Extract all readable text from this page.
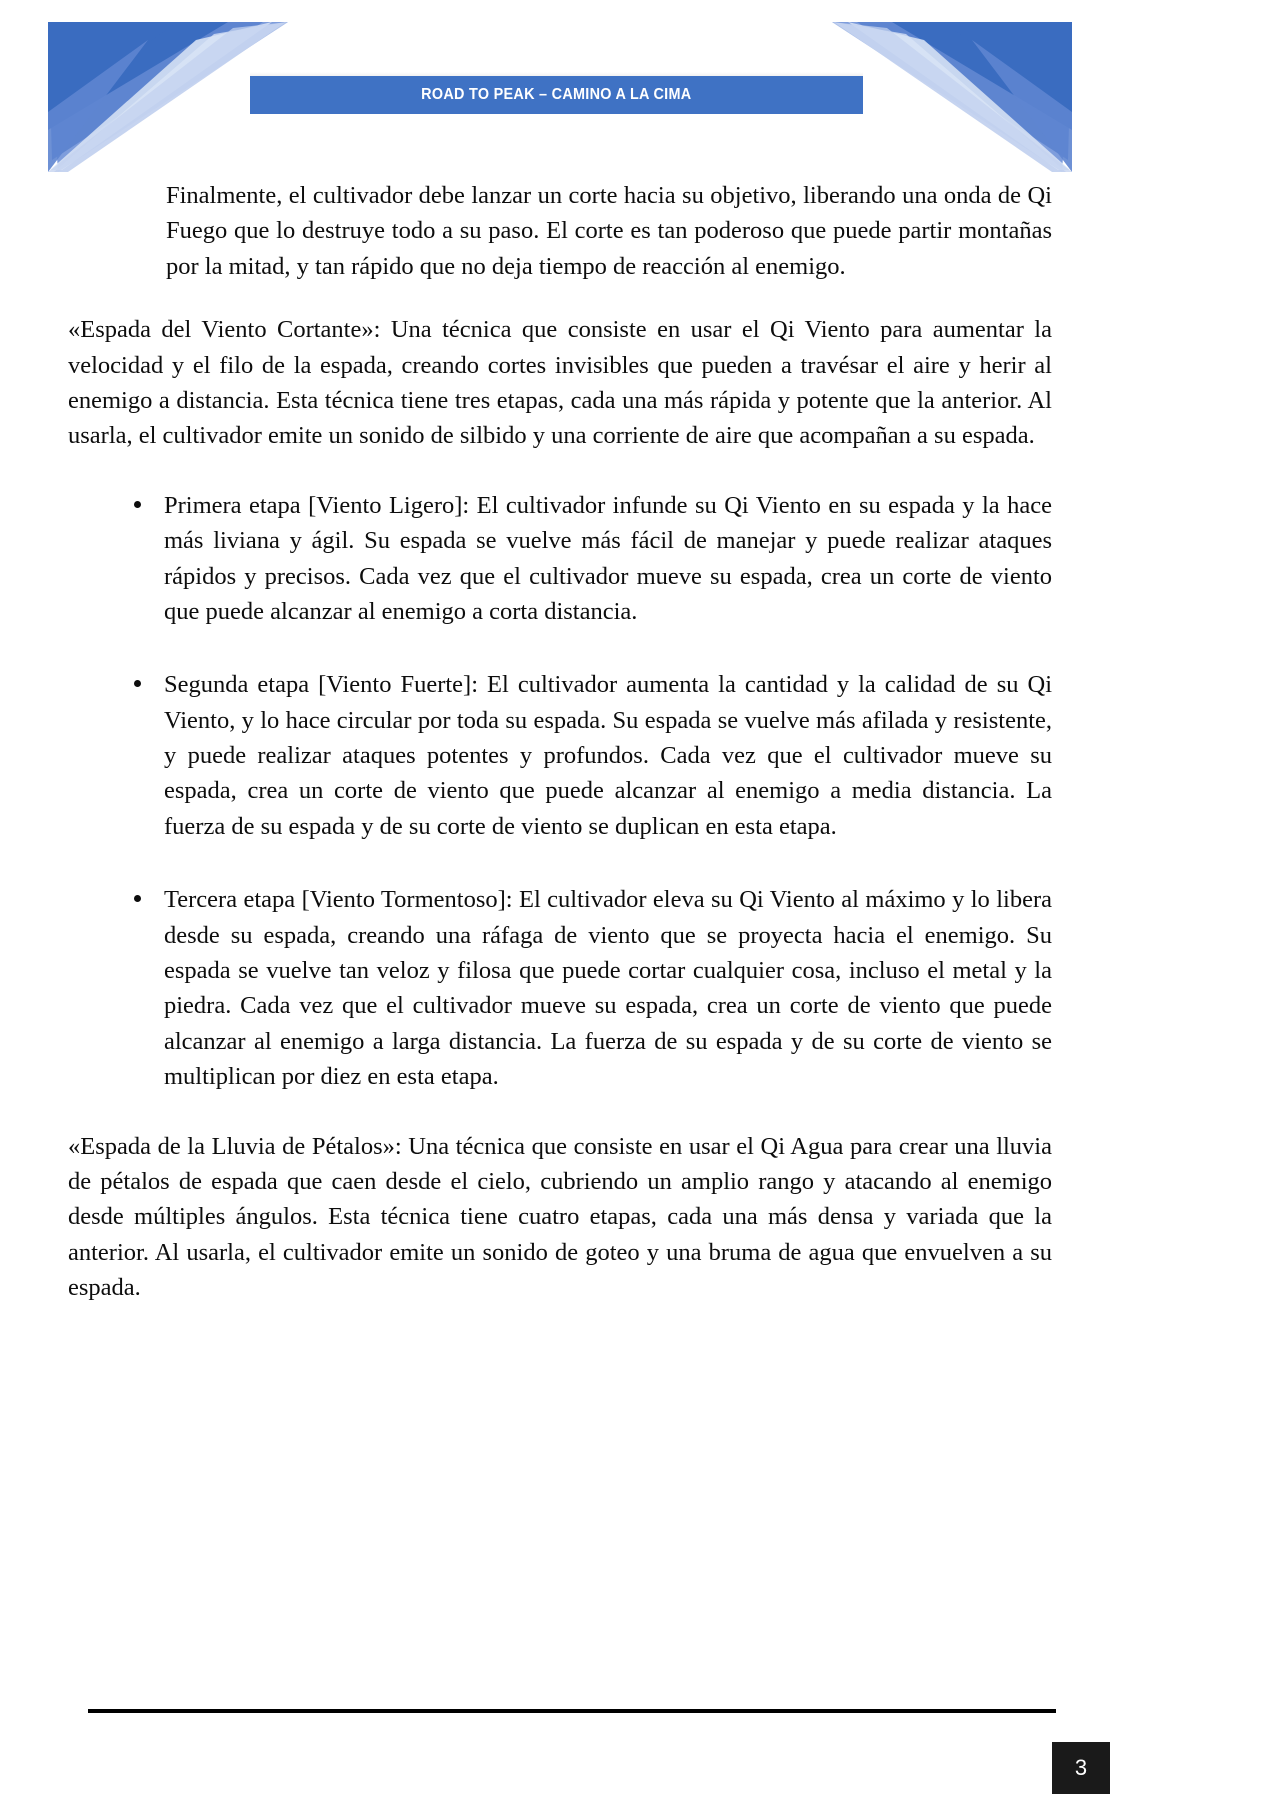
ROAD TO PEAK – CAMINO A LA CIMA

Finalmente, el cultivador debe lanzar un corte hacia su objetivo, liberando una onda de Qi Fuego que lo destruye todo a su paso. El corte es tan poderoso que puede partir montañas por la mitad, y tan rápido que no deja tiempo de reacción al enemigo.

«Espada del Viento Cortante»: Una técnica que consiste en usar el Qi Viento para aumentar la velocidad y el filo de la espada, creando cortes invisibles que pueden a travésar el aire y herir al enemigo a distancia. Esta técnica tiene tres etapas, cada una más rápida y potente que la anterior. Al usarla, el cultivador emite un sonido de silbido y una corriente de aire que acompañan a su espada.

Primera etapa [Viento Ligero]: El cultivador infunde su Qi Viento en su espada y la hace más liviana y ágil. Su espada se vuelve más fácil de manejar y puede realizar ataques rápidos y precisos. Cada vez que el cultivador mueve su espada, crea un corte de viento que puede alcanzar al enemigo a corta distancia.
Segunda etapa [Viento Fuerte]: El cultivador aumenta la cantidad y la calidad de su Qi Viento, y lo hace circular por toda su espada. Su espada se vuelve más afilada y resistente, y puede realizar ataques potentes y profundos. Cada vez que el cultivador mueve su espada, crea un corte de viento que puede alcanzar al enemigo a media distancia. La fuerza de su espada y de su corte de viento se duplican en esta etapa.
Tercera etapa [Viento Tormentoso]: El cultivador eleva su Qi Viento al máximo y lo libera desde su espada, creando una ráfaga de viento que se proyecta hacia el enemigo. Su espada se vuelve tan veloz y filosa que puede cortar cualquier cosa, incluso el metal y la piedra. Cada vez que el cultivador mueve su espada, crea un corte de viento que puede alcanzar al enemigo a larga distancia. La fuerza de su espada y de su corte de viento se multiplican por diez en esta etapa.

«Espada de la Lluvia de Pétalos»: Una técnica que consiste en usar el Qi Agua para crear una lluvia de pétalos de espada que caen desde el cielo, cubriendo un amplio rango y atacando al enemigo desde múltiples ángulos. Esta técnica tiene cuatro etapas, cada una más densa y variada que la anterior. Al usarla, el cultivador emite un sonido de goteo y una bruma de agua que envuelven a su espada.

3
